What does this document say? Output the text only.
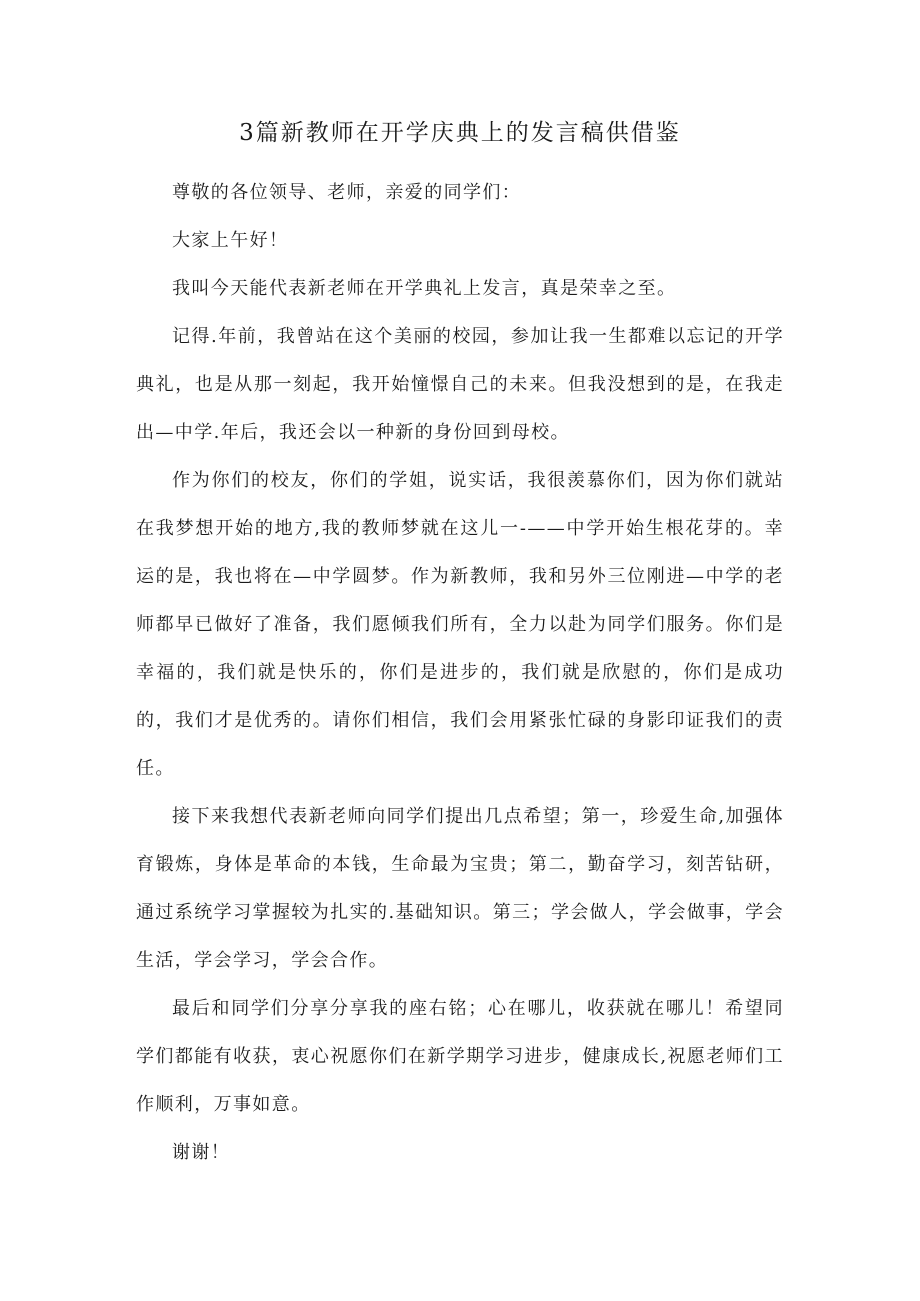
3篇新教师在开学庆典上的发言稿供借鉴

尊敬的各位领导、老师，亲爱的同学们：

大家上午好！

我叫今天能代表新老师在开学典礼上发言，真是荣幸之至。

记得.年前，我曾站在这个美丽的校园，参加让我一生都难以忘记的开学典礼，也是从那一刻起，我开始憧憬自己的未来。但我没想到的是，在我走出—中学.年后，我还会以一种新的身份回到母校。

作为你们的校友，你们的学姐，说实话，我很羡慕你们，因为你们就站在我梦想开始的地方,我的教师梦就在这儿一-——中学开始生根花芽的。幸运的是，我也将在—中学圆梦。作为新教师，我和另外三位刚进—中学的老师都早已做好了准备，我们愿倾我们所有，全力以赴为同学们服务。你们是幸福的，我们就是快乐的，你们是进步的，我们就是欣慰的，你们是成功的，我们才是优秀的。请你们相信，我们会用紧张忙碌的身影印证我们的责任。

接下来我想代表新老师向同学们提出几点希望；第一，珍爱生命,加强体育锻炼，身体是革命的本钱，生命最为宝贵；第二，勤奋学习，刻苦钻研，通过系统学习掌握较为扎实的.基础知识。第三；学会做人，学会做事，学会生活，学会学习，学会合作。

最后和同学们分享分享我的座右铭；心在哪儿，收获就在哪儿！希望同学们都能有收获，衷心祝愿你们在新学期学习进步，健康成长,祝愿老师们工作顺利，万事如意。

谢谢！
